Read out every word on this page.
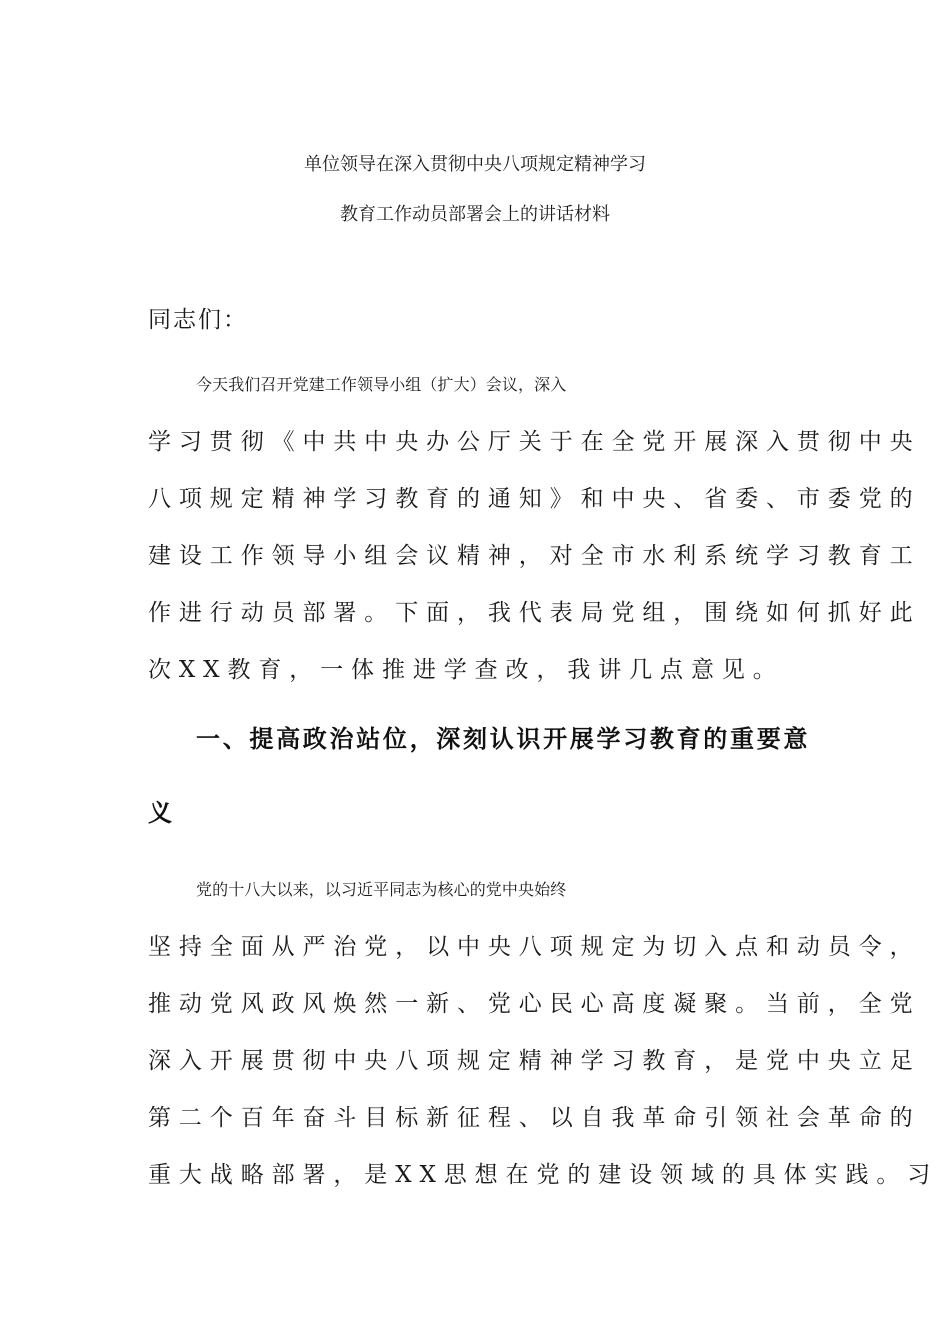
单位领导在深入贯彻中央八项规定精神学习
教育工作动员部署会上的讲话材料
同志们：
今天我们召开党建工作领导小组（扩大）会议，深入
学习贯彻《中共中央办公厅关于在全党开展深入贯彻中央
八项规定精神学习教育的通知》和中央、省委、市委党的
建设工作领导小组会议精神，对全市水利系统学习教育工
作进行动员部署。下面，我代表局党组，围绕如何抓好此
次XX教育，一体推进学查改，我讲几点意见。
一、提高政治站位，深刻认识开展学习教育的重要意
义
党的十八大以来，以习近平同志为核心的党中央始终
坚持全面从严治党，以中央八项规定为切入点和动员令，
推动党风政风焕然一新、党心民心高度凝聚。当前，全党
深入开展贯彻中央八项规定精神学习教育，是党中央立足
第二个百年奋斗目标新征程、以自我革命引领社会革命的
重大战略部署，是XX思想在党的建设领域的具体实践。习
